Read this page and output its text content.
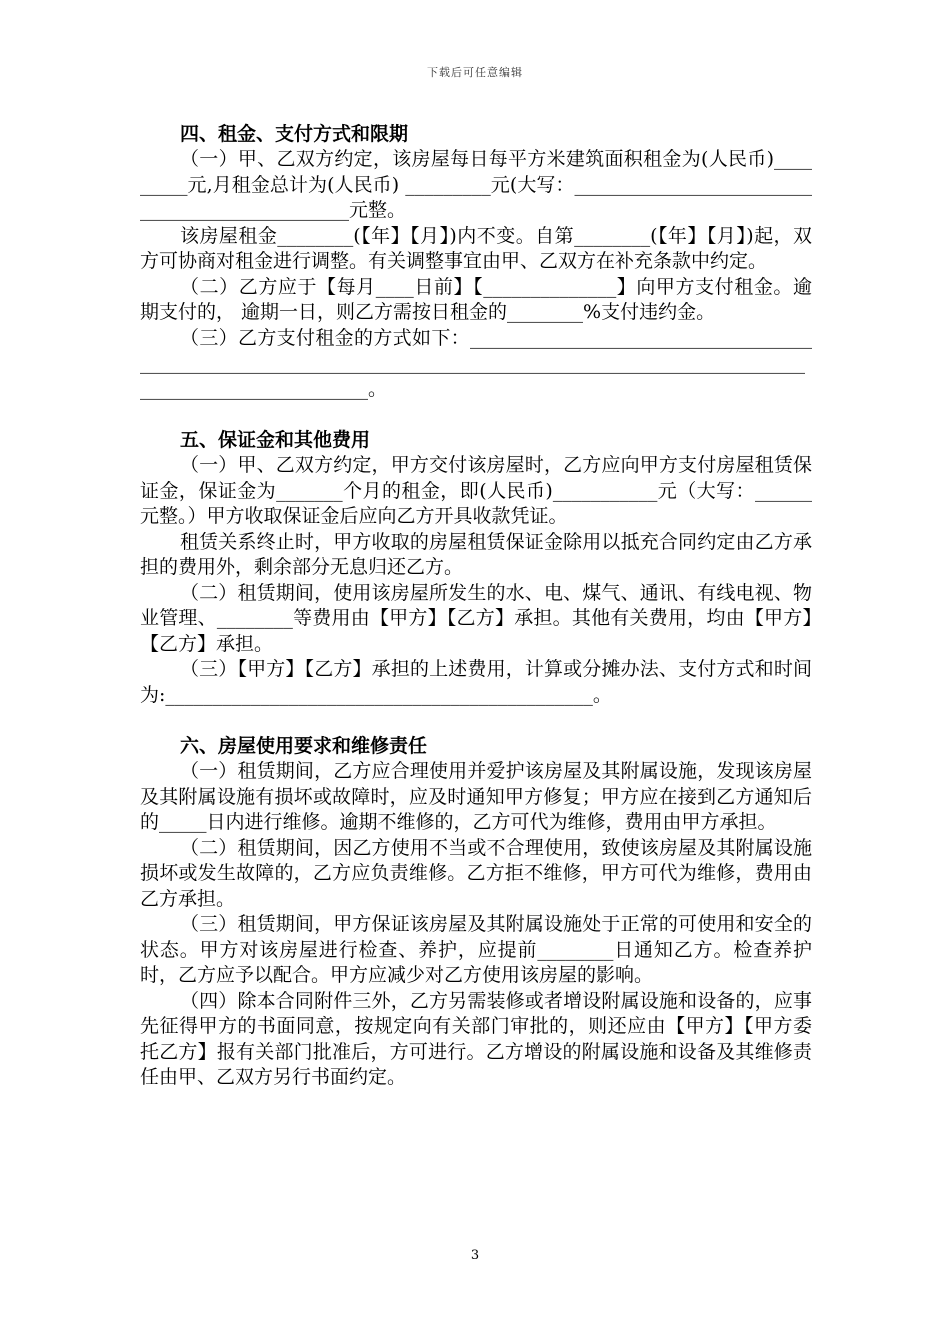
下载后可任意编辑

四、租金、支付方式和限期

（一）甲、乙双方约定，该房屋每日每平方米建筑面积租金为(人民币)_________元,月租金总计为(人民币) _________元(大写：_______________________________________________元整。

该房屋租金________(【年】【月】)内不变。自第________(【年】【月】)起，双方可协商对租金进行调整。有关调整事宜由甲、乙双方在补充条款中约定。

（二）乙方应于【每月____日前】【______________】向甲方支付租金。逾期支付的， 逾期一日，则乙方需按日租金的________%支付违约金。

（三）乙方支付租金的方式如下：__________________________________________________________________________________________________________________________________。

五、保证金和其他费用

（一）甲、乙双方约定，甲方交付该房屋时，乙方应向甲方支付房屋租赁保证金，保证金为_______个月的租金，即(人民币)___________元（大写：______元整。）甲方收取保证金后应向乙方开具收款凭证。

租赁关系终止时，甲方收取的房屋租赁保证金除用以抵充合同约定由乙方承担的费用外，剩余部分无息归还乙方。

（二）租赁期间，使用该房屋所发生的水、电、煤气、通讯、有线电视、物业管理、________等费用由【甲方】【乙方】承担。其他有关费用，均由【甲方】【乙方】承担。

（三）【甲方】【乙方】承担的上述费用，计算或分摊办法、支付方式和时间为:_____________________________________________。

六、房屋使用要求和维修责任

（一）租赁期间，乙方应合理使用并爱护该房屋及其附属设施，发现该房屋及其附属设施有损坏或故障时，应及时通知甲方修复；甲方应在接到乙方通知后的_____日内进行维修。逾期不维修的，乙方可代为维修，费用由甲方承担。

（二）租赁期间，因乙方使用不当或不合理使用，致使该房屋及其附属设施损坏或发生故障的，乙方应负责维修。乙方拒不维修，甲方可代为维修，费用由乙方承担。

（三）租赁期间，甲方保证该房屋及其附属设施处于正常的可使用和安全的状态。甲方对该房屋进行检查、养护，应提前________日通知乙方。检查养护时，乙方应予以配合。甲方应减少对乙方使用该房屋的影响。

（四）除本合同附件三外，乙方另需装修或者增设附属设施和设备的，应事先征得甲方的书面同意，按规定向有关部门审批的，则还应由【甲方】【甲方委托乙方】报有关部门批准后，方可进行。乙方增设的附属设施和设备及其维修责任由甲、乙双方另行书面约定。

3
